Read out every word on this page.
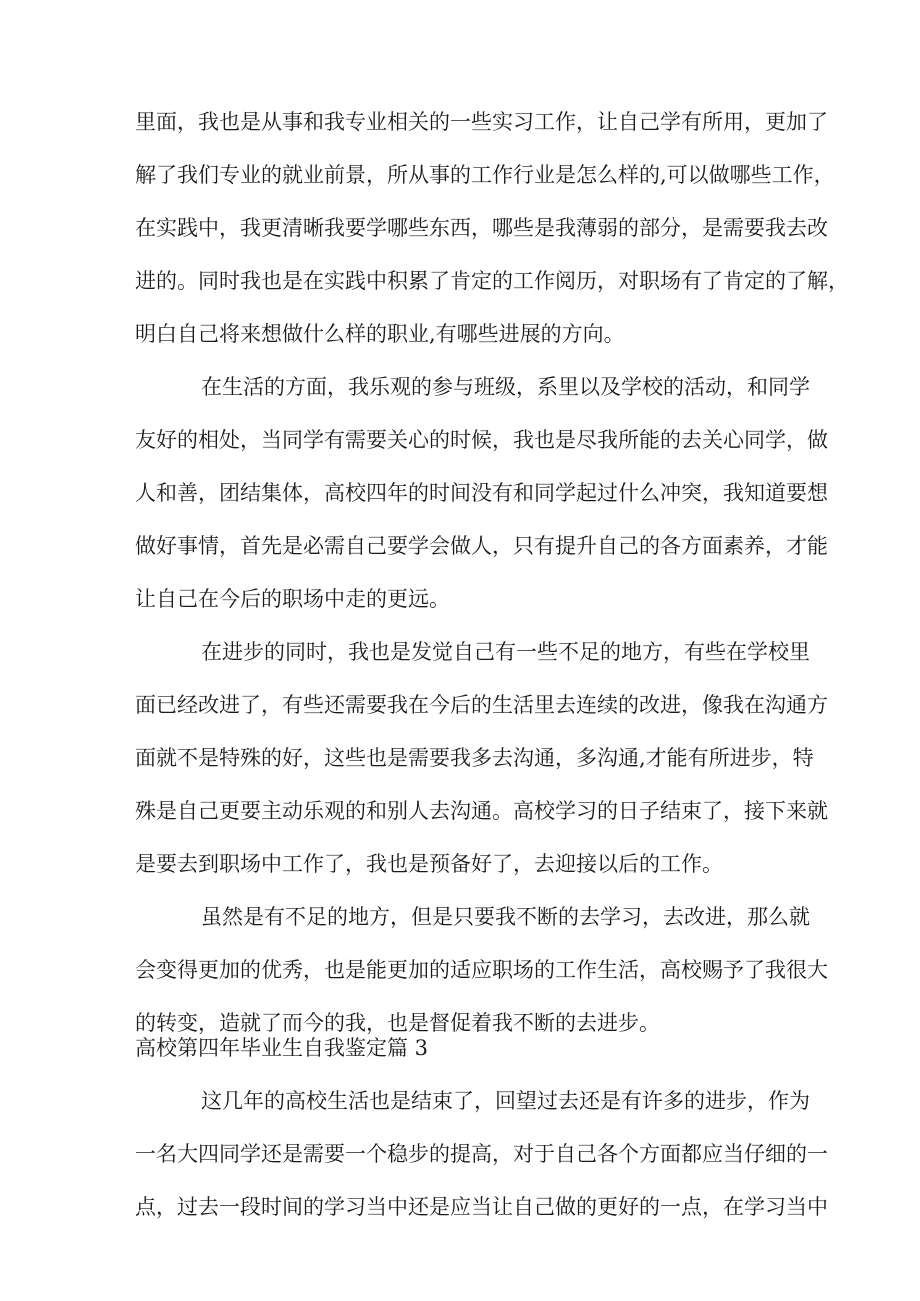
里面，我也是从事和我专业相关的一些实习工作，让自己学有所用，更加了

解了我们专业的就业前景，所从事的工作行业是怎么样的,可以做哪些工作，

在实践中，我更清晰我要学哪些东西，哪些是我薄弱的部分，是需要我去改

进的。同时我也是在实践中积累了肯定的工作阅历，对职场有了肯定的了解，

明白自己将来想做什么样的职业,有哪些进展的方向。

在生活的方面，我乐观的参与班级，系里以及学校的活动，和同学

友好的相处，当同学有需要关心的时候，我也是尽我所能的去关心同学，做

人和善，团结集体，高校四年的时间没有和同学起过什么冲突，我知道要想

做好事情，首先是必需自己要学会做人，只有提升自己的各方面素养，才能

让自己在今后的职场中走的更远。

在进步的同时，我也是发觉自己有一些不足的地方，有些在学校里

面已经改进了，有些还需要我在今后的生活里去连续的改进，像我在沟通方

面就不是特殊的好，这些也是需要我多去沟通，多沟通,才能有所进步，特

殊是自己更要主动乐观的和别人去沟通。高校学习的日子结束了，接下来就

是要去到职场中工作了，我也是预备好了，去迎接以后的工作。

虽然是有不足的地方，但是只要我不断的去学习，去改进，那么就

会变得更加的优秀，也是能更加的适应职场的工作生活，高校赐予了我很大

的转变，造就了而今的我，也是督促着我不断的去进步。

高校第四年毕业生自我鉴定篇 3

这几年的高校生活也是结束了，回望过去还是有许多的进步，作为

一名大四同学还是需要一个稳步的提高，对于自己各个方面都应当仔细的一

点，过去一段时间的学习当中还是应当让自己做的更好的一点，在学习当中
